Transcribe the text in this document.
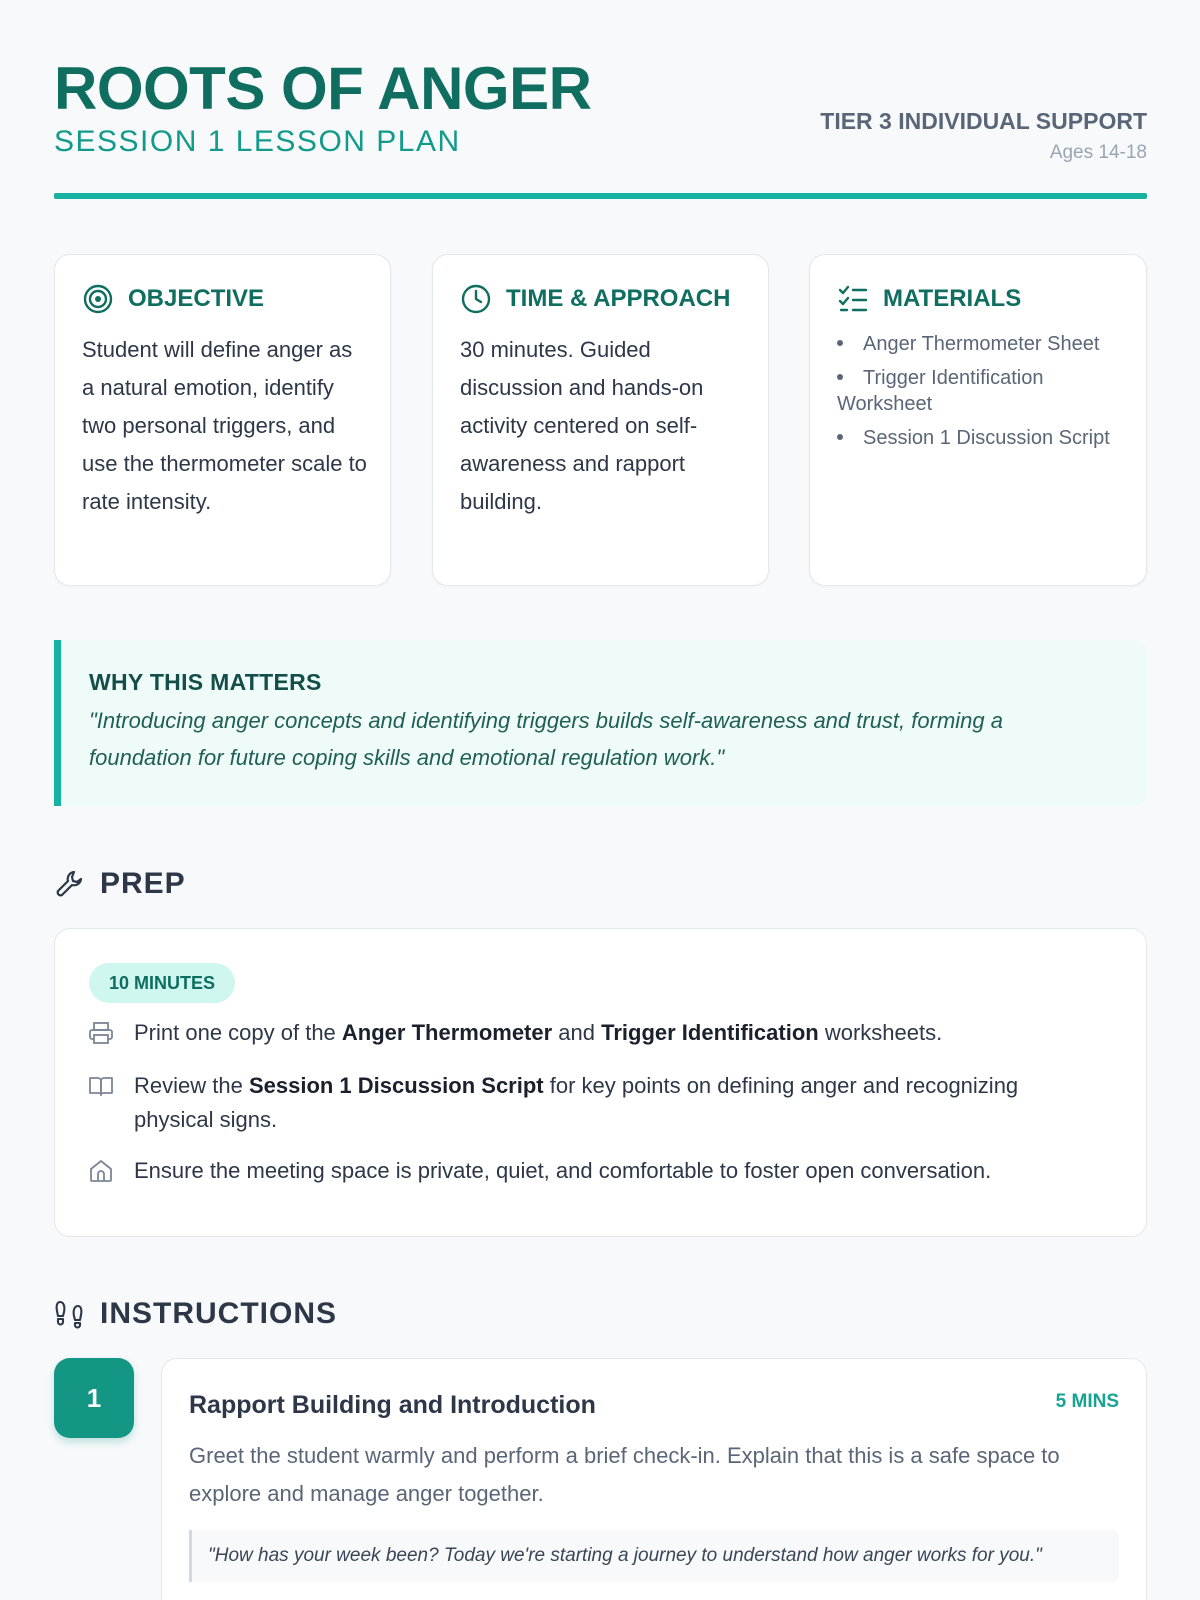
ROOTS OF ANGER
SESSION 1 LESSON PLAN
TIER 3 INDIVIDUAL SUPPORT
Ages 14-18
OBJECTIVE
Student will define anger as a natural emotion, identify two personal triggers, and use the thermometer scale to rate intensity.
TIME & APPROACH
30 minutes. Guided discussion and hands-on activity centered on self-awareness and rapport building.
MATERIALS
Anger Thermometer Sheet
Trigger Identification Worksheet
Session 1 Discussion Script
WHY THIS MATTERS
"Introducing anger concepts and identifying triggers builds self-awareness and trust, forming a foundation for future coping skills and emotional regulation work."
PREP
10 MINUTES
Print one copy of the Anger Thermometer and Trigger Identification worksheets.
Review the Session 1 Discussion Script for key points on defining anger and recognizing physical signs.
Ensure the meeting space is private, quiet, and comfortable to foster open conversation.
INSTRUCTIONS
1	Rapport Building and Introduction	5 MINS
Greet the student warmly and perform a brief check-in. Explain that this is a safe space to explore and manage anger together.
"How has your week been? Today we're starting a journey to understand how anger works for you."
